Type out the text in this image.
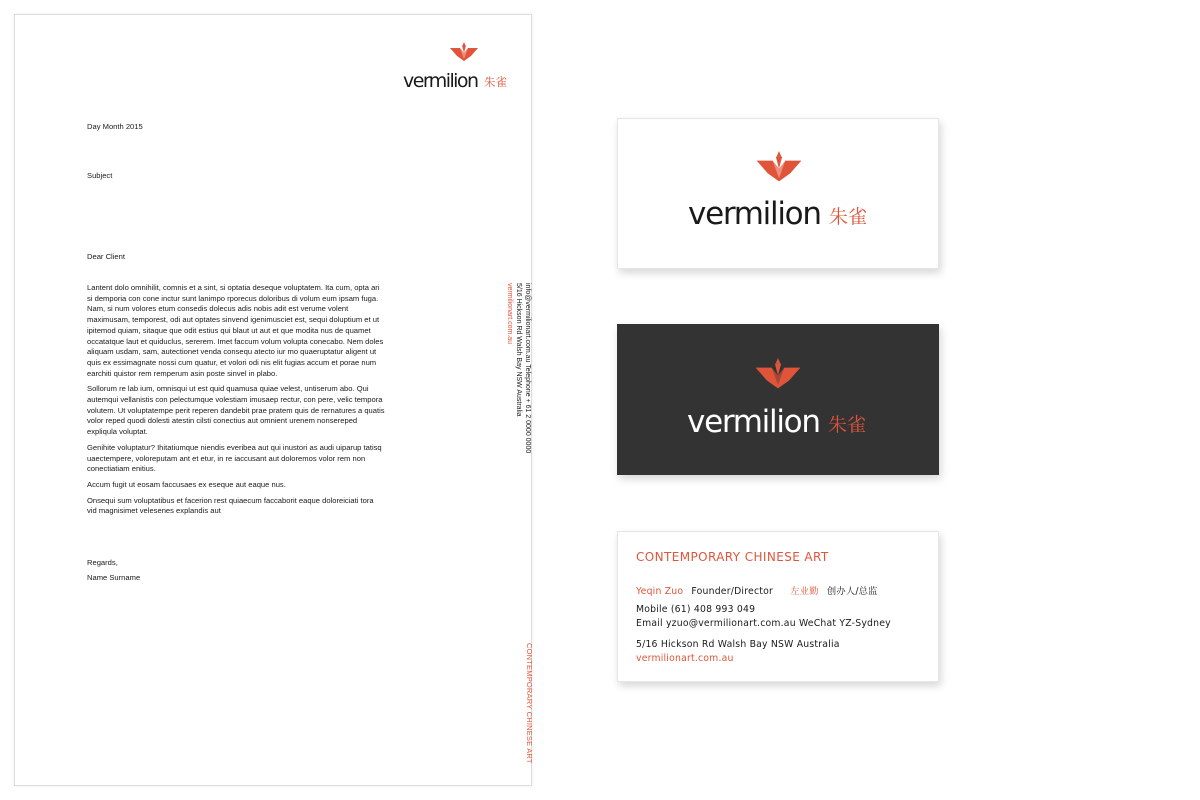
vermilion 朱雀
Day Month 2015
Subject
Dear Client

Lantent dolo omnihilit, comnis et a sint, si optatia deseque voluptatem. Ita cum, opta ari si demporia con cone inctur sunt lanimpo rporecus doloribus di volum eum ipsam fuga. Nam, si num volores etum consedis dolecus adis nobis adit est verume volent maximusam, temporest, odi aut optates sinvend igenimusciet est, sequi doluptium et ut ipitemod quiam, sitaque que odit estius qui blaut ut aut et que modita nus de quamet occatatque laut et quiduclus, sererem. Imet faccum volum volupta conecabo. Nem doles aliquam usdam, sam, autectionet venda consequ atecto iur mo quaeruptatur aligent ut quis ex essimagnate nossi cum quatur, et volori odi nis elit fugias accum et porae num earchiti quistor rem remperum asin poste sinvel in plabo.

Sollorum re lab ium, omnisqui ut est quid quamusa quiae velest, untiserum abo. Qui autemqui vellanistis con pelectumque volestiam imusaep rectur, con pere, velic tempora volutem. Ut voluptatempe perit reperen dandebit prae pratem quis de rernatures a quatis volor reped quodi dolesti atestin cilsti conectius aut omnient urenem nonsereped expliqula voluptat.

Genihite voluptatur? Ihitatiumque niendis everibea aut qui inustori as audi uiparup tatisq uaectempere, voloreputam ant et etur, in re iaccusant aut doloremos volor rem non conectiatiam enitius.

Accum fugit ut eosam faccusaes ex eseque aut eaque nus.

Onsequi sum voluptatibus et facerion rest quiaecum faccaborit eaque doloreiciati tora vid magnisimet velesenes explandis aut

Regards,
Name Surname
info@vermilionart.com.au Telephone + 61 2 0000 0000
5/16 Hickson Rd Walsh Bay NSW Australia
vermilionart.com.au
CONTEMPORARY CHINESE ART
vermilion 朱雀
vermilion 朱雀
CONTEMPORARY CHINESE ART
Yeqin Zuo Founder/Director 左业勤 创办人/总监
Mobile (61) 408 993 049
Email yzuo@vermilionart.com.au WeChat YZ-Sydney
5/16 Hickson Rd Walsh Bay NSW Australia
vermilionart.com.au
